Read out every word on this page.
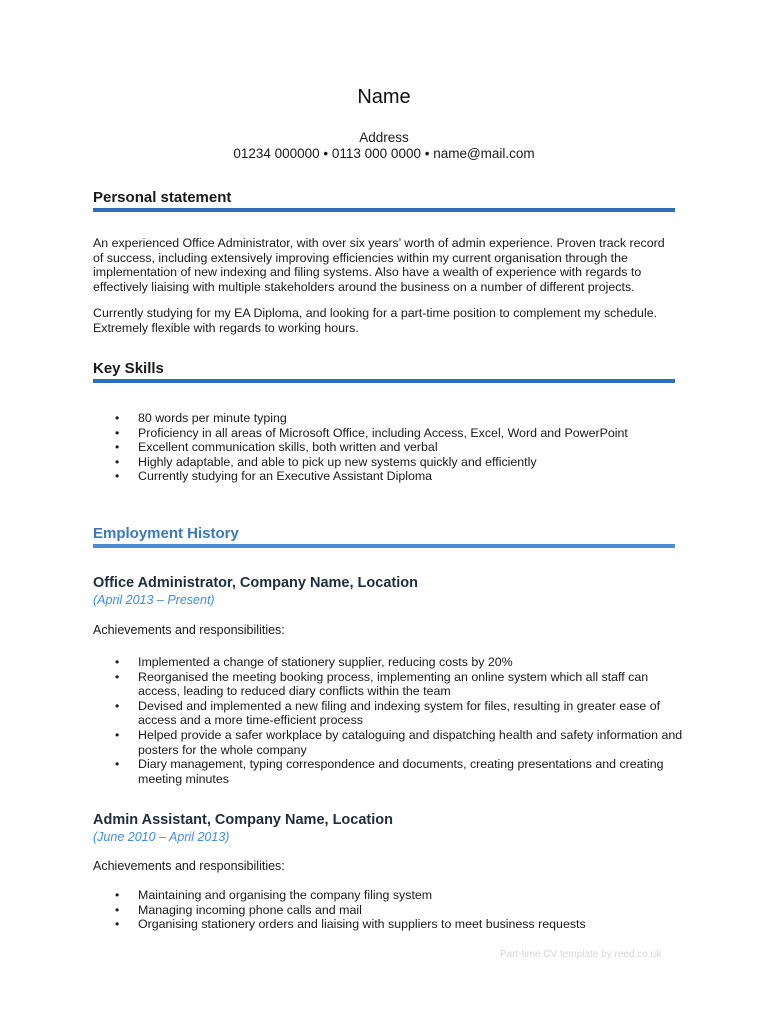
Name
Address
01234 000000 • 0113 000 0000 • name@mail.com
Personal statement
An experienced Office Administrator, with over six years’ worth of admin experience. Proven track record of success, including extensively improving efficiencies within my current organisation through the implementation of new indexing and filing systems. Also have a wealth of experience with regards to effectively liaising with multiple stakeholders around the business on a number of different projects.
Currently studying for my EA Diploma, and looking for a part-time position to complement my schedule. Extremely flexible with regards to working hours.
Key Skills
• 80 words per minute typing
• Proficiency in all areas of Microsoft Office, including Access, Excel, Word and PowerPoint
• Excellent communication skills, both written and verbal
• Highly adaptable, and able to pick up new systems quickly and efficiently
• Currently studying for an Executive Assistant Diploma
Employment History
Office Administrator, Company Name, Location
(April 2013 – Present)
Achievements and responsibilities:
• Implemented a change of stationery supplier, reducing costs by 20%
• Reorganised the meeting booking process, implementing an online system which all staff can access, leading to reduced diary conflicts within the team
• Devised and implemented a new filing and indexing system for files, resulting in greater ease of access and a more time-efficient process
• Helped provide a safer workplace by cataloguing and dispatching health and safety information and posters for the whole company
• Diary management, typing correspondence and documents, creating presentations and creating meeting minutes
Admin Assistant, Company Name, Location
(June 2010 – April 2013)
Achievements and responsibilities:
• Maintaining and organising the company filing system
• Managing incoming phone calls and mail
• Organising stationery orders and liaising with suppliers to meet business requests
Part-time CV template by reed.co.uk
